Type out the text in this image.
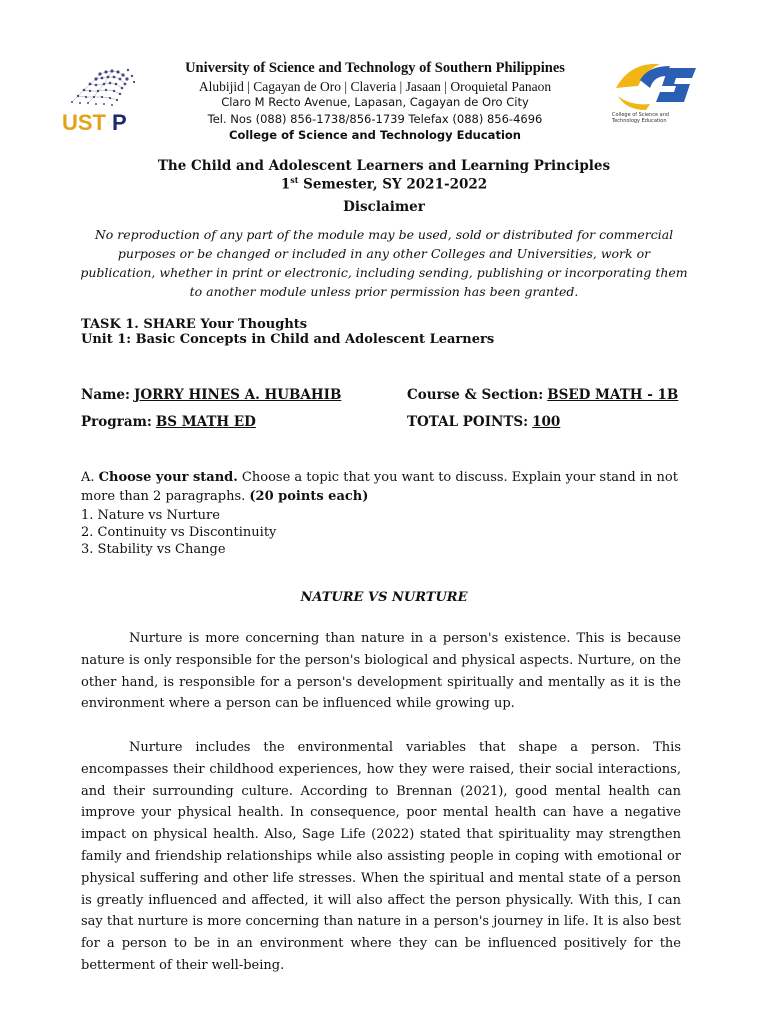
UST P	College of Science and
Technology Education
University of Science and Technology of Southern Philippines
Alubijid | Cagayan de Oro | Claveria | Jasaan | Oroquietal Panaon
Claro M Recto Avenue, Lapasan, Cagayan de Oro City
Tel. Nos (088) 856-1738/856-1739 Telefax (088) 856-4696
College of Science and Technology Education
The Child and Adolescent Learners and Learning Principles
1st Semester, SY 2021-2022
Disclaimer
No reproduction of any part of the module may be used, sold or distributed for commercial purposes or be changed or included in any other Colleges and Universities, work or publication, whether in print or electronic, including sending, publishing or incorporating them to another module unless prior permission has been granted.
TASK 1. SHARE Your Thoughts
Unit 1: Basic Concepts in Child and Adolescent Learners
Name: JORRY HINES A. HUBAHIB	Course & Section: BSED MATH - 1B
Program: BS MATH ED	TOTAL POINTS: 100
A. Choose your stand. Choose a topic that you want to discuss. Explain your stand in not more than 2 paragraphs. (20 points each)
1. Nature vs Nurture
2. Continuity vs Discontinuity
3. Stability vs Change
NATURE VS NURTURE

Nurture is more concerning than nature in a person's existence. This is because nature is only responsible for the person's biological and physical aspects. Nurture, on the other hand, is responsible for a person's development spiritually and mentally as it is the environment where a person can be influenced while growing up.

Nurture includes the environmental variables that shape a person. This encompasses their childhood experiences, how they were raised, their social interactions, and their surrounding culture. According to Brennan (2021), good mental health can improve your physical health. In consequence, poor mental health can have a negative impact on physical health. Also, Sage Life (2022) stated that spirituality may strengthen family and friendship relationships while also assisting people in coping with emotional or physical suffering and other life stresses. When the spiritual and mental state of a person is greatly influenced and affected, it will also affect the person physically. With this, I can say that nurture is more concerning than nature in a person's journey in life. It is also best for a person to be in an environment where they can be influenced positively for the betterment of their well-being.
